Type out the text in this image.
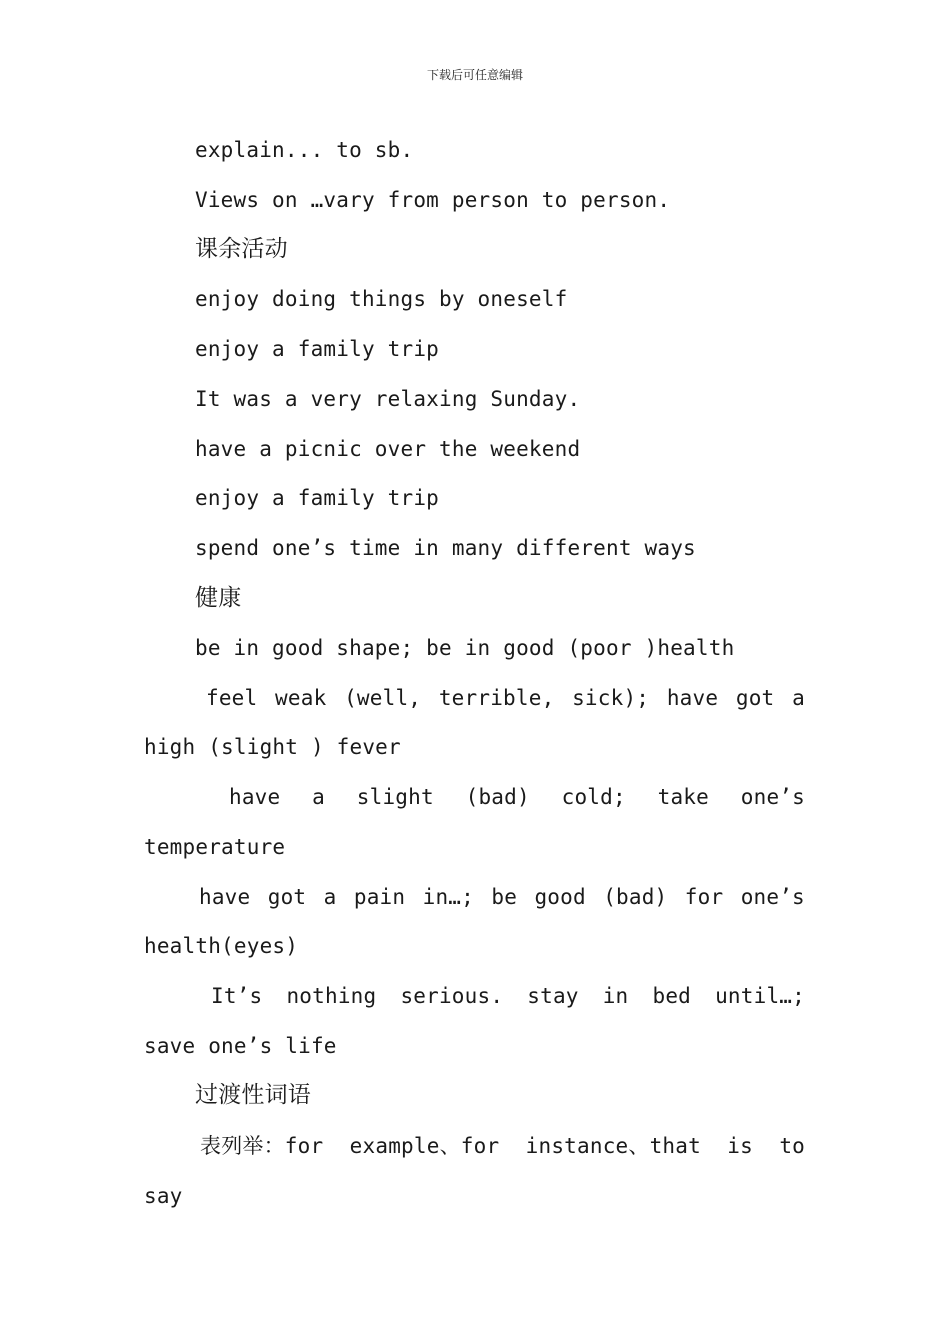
下载后可任意编辑
explain... to sb.
Views on …vary from person to person.
课余活动
enjoy doing things by oneself
enjoy a family trip
It was a very relaxing Sunday.
have a picnic over the weekend
enjoy a family trip
spend one’s time in many different ways
健康
be in good shape; be in good (poor )health
feel weak (well, terrible, sick); have got a
high (slight ) fever
have a slight (bad) cold; take one’s
temperature
have got a pain in…; be good (bad) for one’s
health(eyes)
It’s nothing serious. stay in bed until…;
save one’s life
过渡性词语
表列举：for example、for instance、that is to
say
